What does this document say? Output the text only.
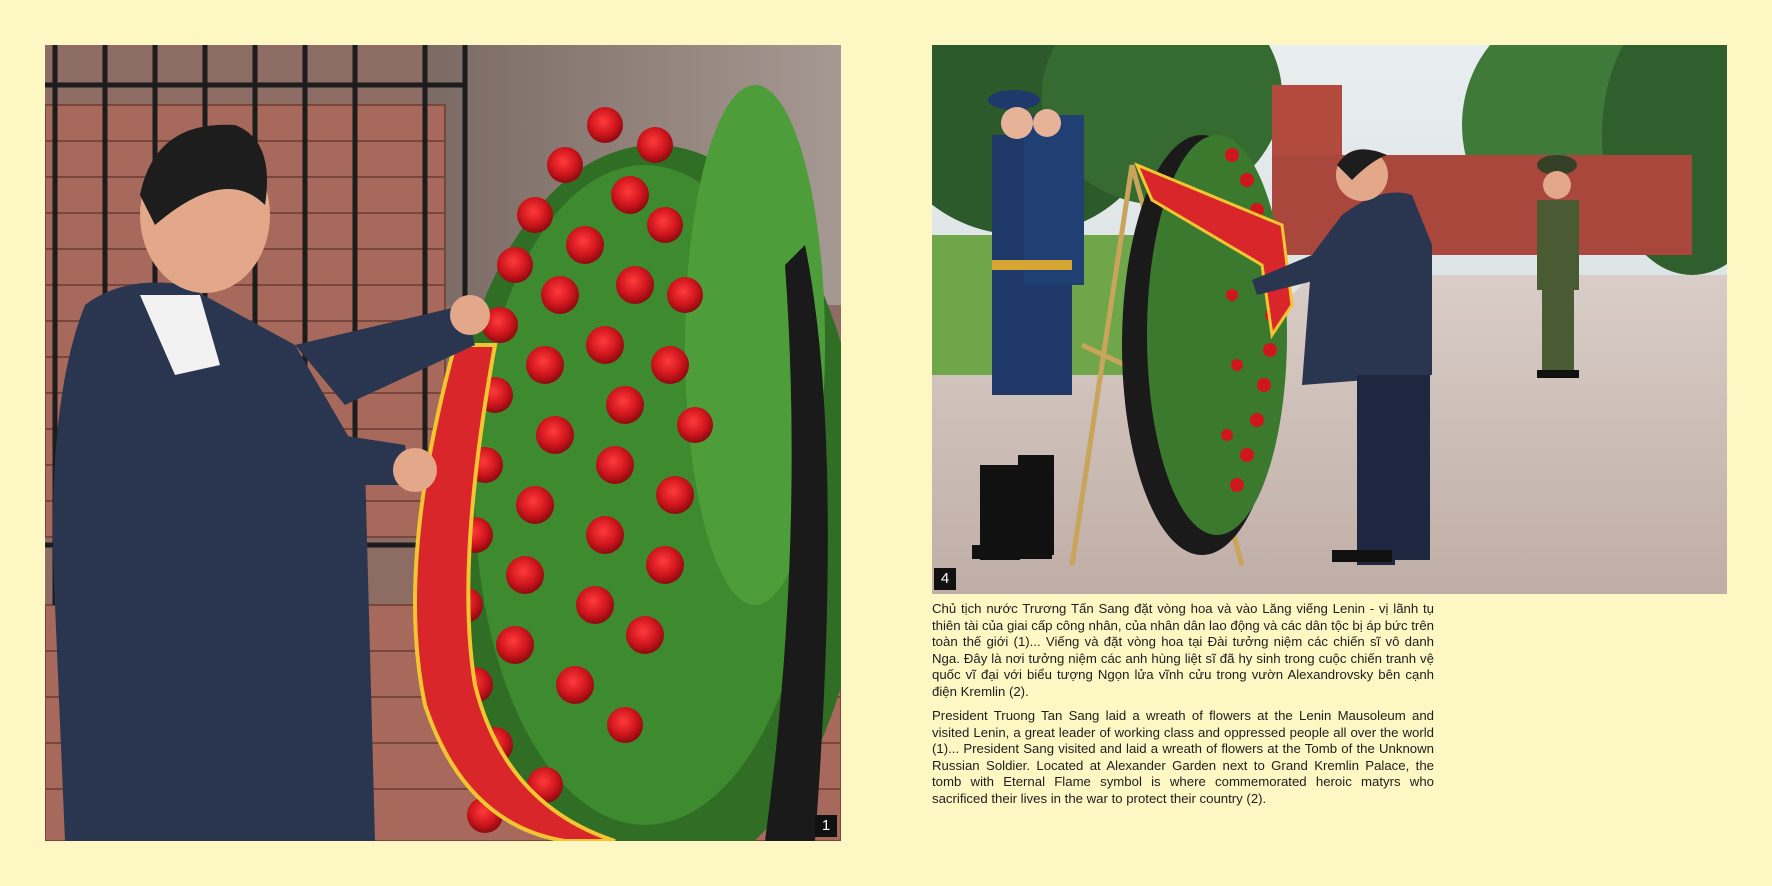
1
4

Chủ tịch nước Trương Tấn Sang đặt vòng hoa và vào Lăng viếng Lenin - vị lãnh tụ thiên tài của giai cấp công nhân, của nhân dân lao động và các dân tộc bị áp bức trên toàn thế giới (1)... Viếng và đặt vòng hoa tại Đài tưởng niệm các chiến sĩ vô danh Nga. Đây là nơi tưởng niệm các anh hùng liệt sĩ đã hy sinh trong cuộc chiến tranh vệ quốc vĩ đại với biểu tượng Ngọn lửa vĩnh cửu trong vườn Alexandrovsky bên cạnh điện Kremlin (2).

President Truong Tan Sang laid a wreath of flowers at the Lenin Mausoleum and visited Lenin, a great leader of working class and oppressed people all over the world (1)... President Sang visited and laid a wreath of flowers at the Tomb of the Unknown Russian Soldier. Located at Alexander Garden next to Grand Kremlin Palace, the tomb with Eternal Flame symbol is where commemorated heroic matyrs who sacrificed their lives in the war to protect their country (2).
